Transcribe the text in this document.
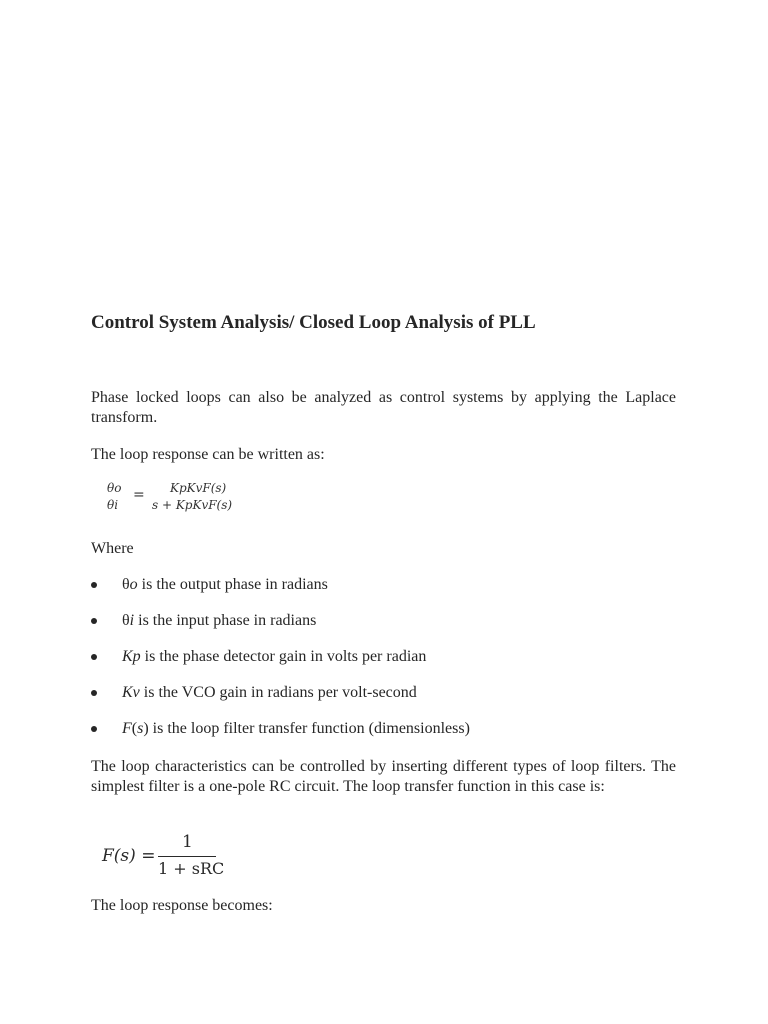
Control System Analysis/ Closed Loop Analysis of PLL
Phase locked loops can also be analyzed as control systems by applying the Laplace transform.
The loop response can be written as:
θo
θi
= KpKvF(s)
s + KpKvF(s)
Where
θo is the output phase in radians
θi is the input phase in radians
Kp is the phase detector gain in volts per radian
Kv is the VCO gain in radians per volt-second
F(s) is the loop filter transfer function (dimensionless)
The loop characteristics can be controlled by inserting different types of loop filters. The simplest filter is a one-pole RC circuit. The loop transfer function in this case is:
F(s) =
1
1 + sRC
The loop response becomes:
